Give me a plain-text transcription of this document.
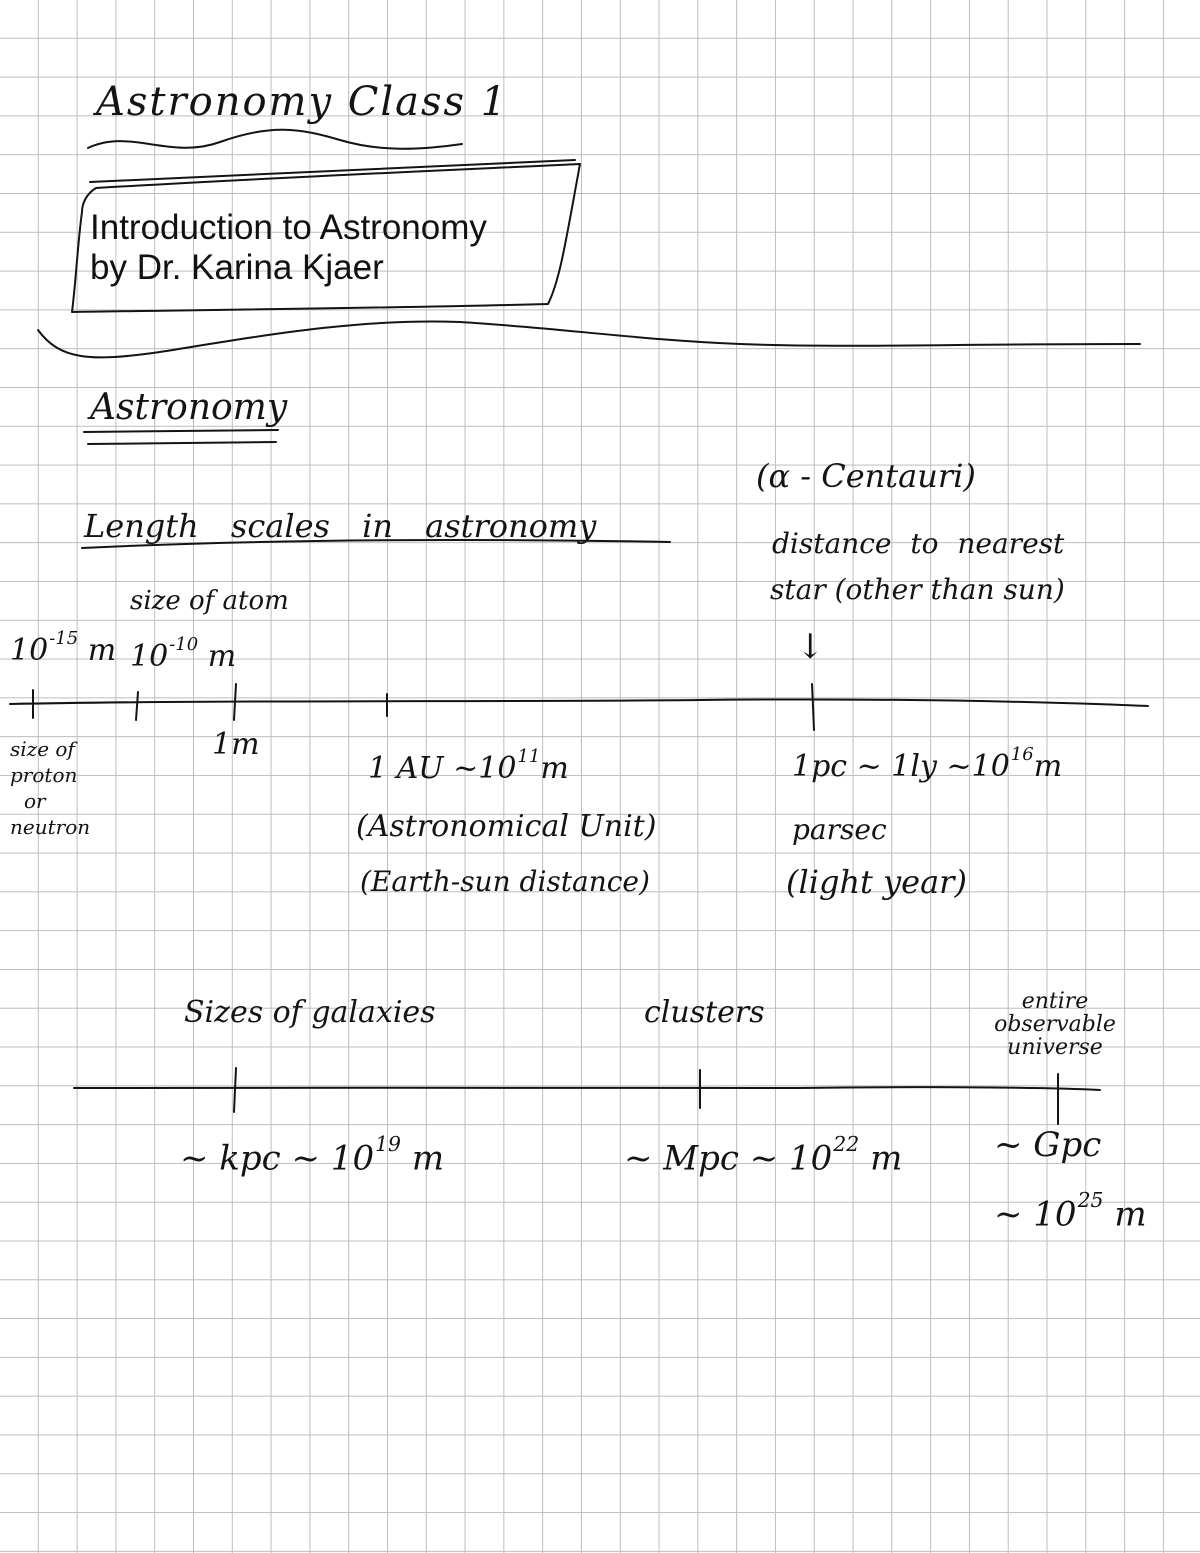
Astronomy Class 1
Introduction to Astronomy
by Dr. Karina Kjaer
Astronomy
Length scales in astronomy
size of atom
$10^{-15}$ m $10^{-10}$ m
size of
proton
or
neutron
1m
1 AU $\sim 10^{11}m$
(Astronomical Unit)
(Earth-sun distance)
(α - Centauri)
distance to nearest
star (other than sun)
↓
1pc ~ 1ly $\sim 10^{16}m$
parsec
(light year)
Sizes of galaxies
~ kpc ~ $10^{19}$ m
clusters
~ Mpc ~ $10^{22}$ m
entire
observable
universe
~ Gpc
~ $10^{25}$ m
